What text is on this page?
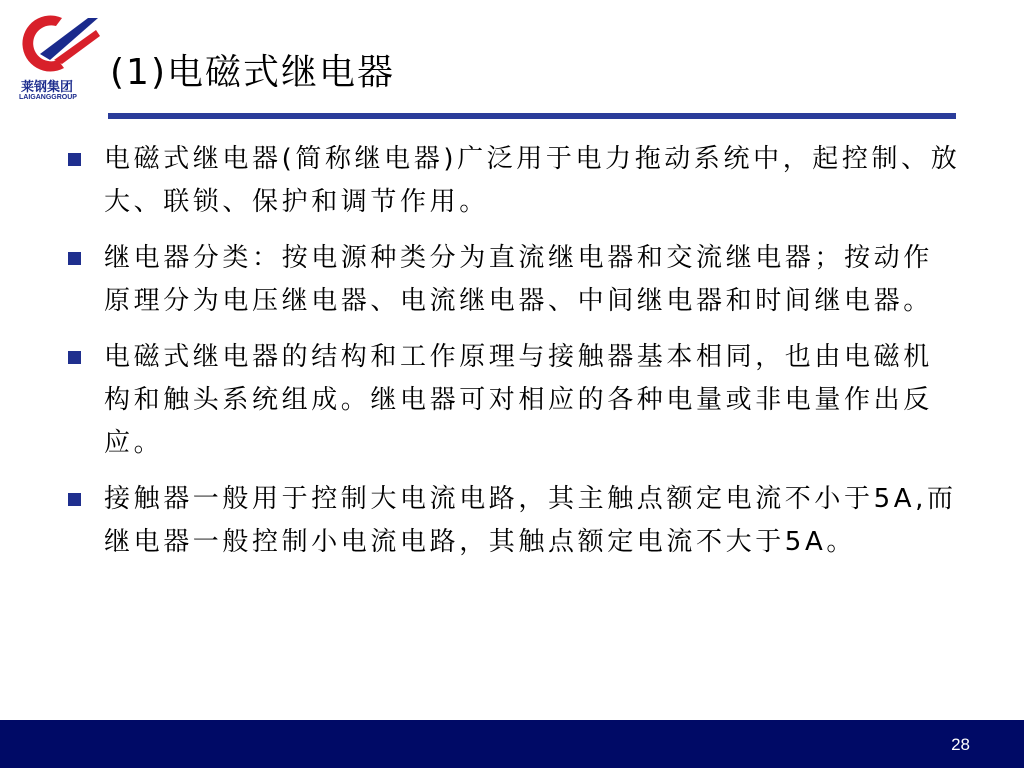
莱钢集团
LAIGANGGROUP
(1)电磁式继电器
电磁式继电器(简称继电器)广泛用于电力拖动系统中，起控制、放大、联锁、保护和调节作用。
继电器分类：按电源种类分为直流继电器和交流继电器；按动作原理分为电压继电器、电流继电器、中间继电器和时间继电器。
电磁式继电器的结构和工作原理与接触器基本相同，也由电磁机构和触头系统组成。继电器可对相应的各种电量或非电量作出反应。
接触器一般用于控制大电流电路，其主触点额定电流不小于5A,而继电器一般控制小电流电路，其触点额定电流不大于5A。
28
